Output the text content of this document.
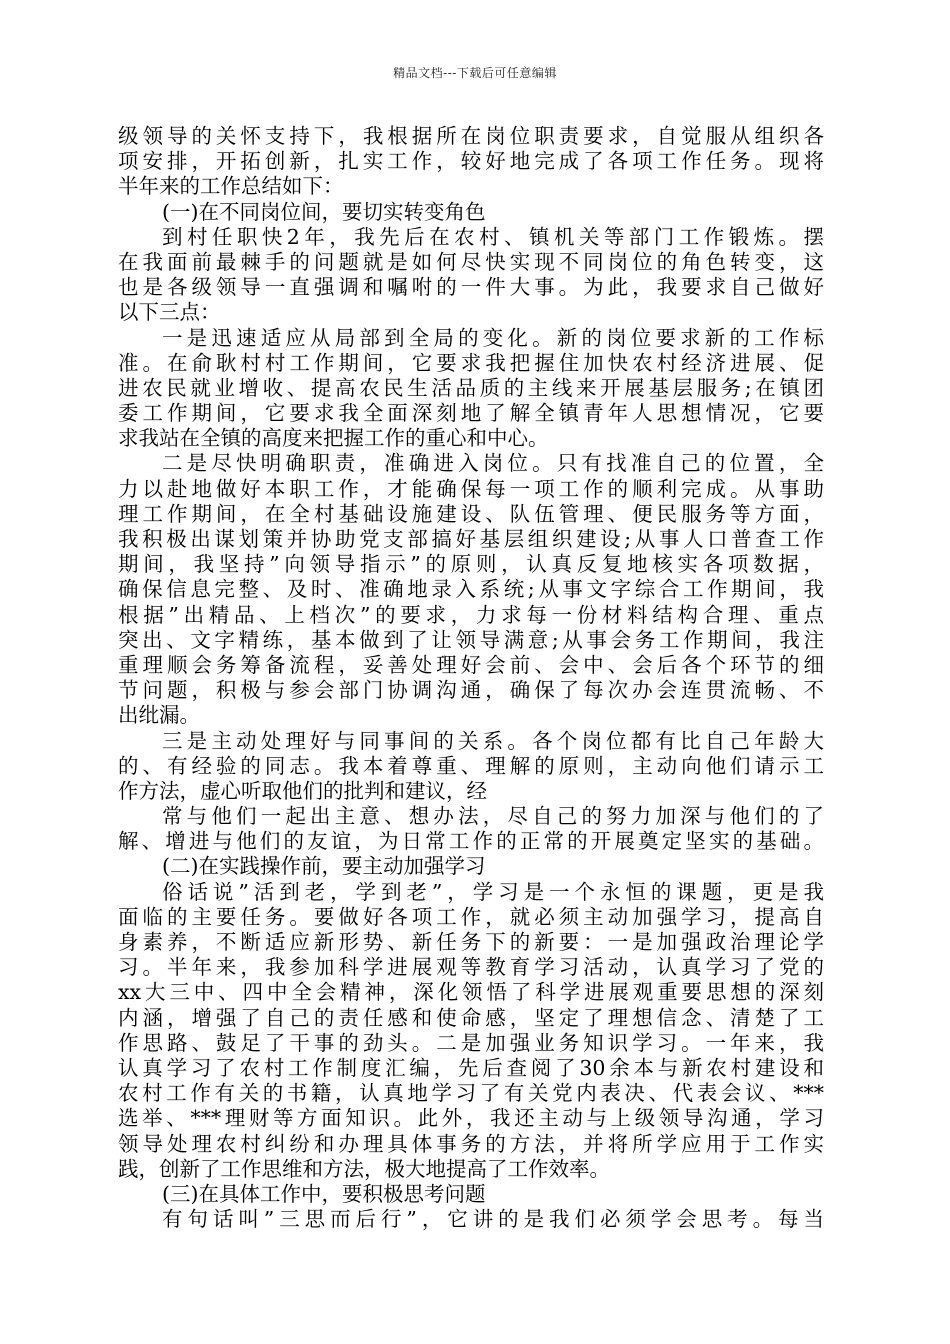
精品文档---下载后可任意编辑
级领导的关怀支持下，我根据所在岗位职责要求，自觉服从组织各
项安排，开拓创新，扎实工作，较好地完成了各项工作任务。现将
半年来的工作总结如下：
(一)在不同岗位间，要切实转变角色
到村任职快2年，我先后在农村、镇机关等部门工作锻炼。摆
在我面前最棘手的问题就是如何尽快实现不同岗位的角色转变，这
也是各级领导一直强调和嘱咐的一件大事。为此，我要求自己做好
以下三点：
一是迅速适应从局部到全局的变化。新的岗位要求新的工作标
准。在俞耿村村工作期间，它要求我把握住加快农村经济进展、促
进农民就业增收、提高农民生活品质的主线来开展基层服务;在镇团
委工作期间，它要求我全面深刻地了解全镇青年人思想情况，它要
求我站在全镇的高度来把握工作的重心和中心。
二是尽快明确职责，准确进入岗位。只有找准自己的位置，全
力以赴地做好本职工作，才能确保每一项工作的顺利完成。从事助
理工作期间，在全村基础设施建设、队伍管理、便民服务等方面，
我积极出谋划策并协助党支部搞好基层组织建设;从事人口普查工作
期间，我坚持”向领导指示”的原则，认真反复地核实各项数据，
确保信息完整、及时、准确地录入系统;从事文字综合工作期间，我
根据”出精品、上档次”的要求，力求每一份材料结构合理、重点
突出、文字精练，基本做到了让领导满意;从事会务工作期间，我注
重理顺会务筹备流程，妥善处理好会前、会中、会后各个环节的细
节问题，积极与参会部门协调沟通，确保了每次办会连贯流畅、不
出纰漏。
三是主动处理好与同事间的关系。各个岗位都有比自己年龄大
的、有经验的同志。我本着尊重、理解的原则，主动向他们请示工
作方法，虚心听取他们的批判和建议，经
常与他们一起出主意、想办法，尽自己的努力加深与他们的了
解、增进与他们的友谊，为日常工作的正常的开展奠定坚实的基础。
(二)在实践操作前，要主动加强学习
俗话说”活到老，学到老”，学习是一个永恒的课题，更是我
面临的主要任务。要做好各项工作，就必须主动加强学习，提高自
身素养，不断适应新形势、新任务下的新要：一是加强政治理论学
习。半年来，我参加科学进展观等教育学习活动，认真学习了党的
xx大三中、四中全会精神，深化领悟了科学进展观重要思想的深刻
内涵，增强了自己的责任感和使命感，坚定了理想信念、清楚了工
作思路、鼓足了干事的劲头。二是加强业务知识学习。一年来，我
认真学习了农村工作制度汇编，先后查阅了30余本与新农村建设和
农村工作有关的书籍，认真地学习了有关党内表决、代表会议、***
选举、***理财等方面知识。此外，我还主动与上级领导沟通，学习
领导处理农村纠纷和办理具体事务的方法，并将所学应用于工作实
践，创新了工作思维和方法，极大地提高了工作效率。
(三)在具体工作中，要积极思考问题
有句话叫”三思而后行”，它讲的是我们必须学会思考。每当
